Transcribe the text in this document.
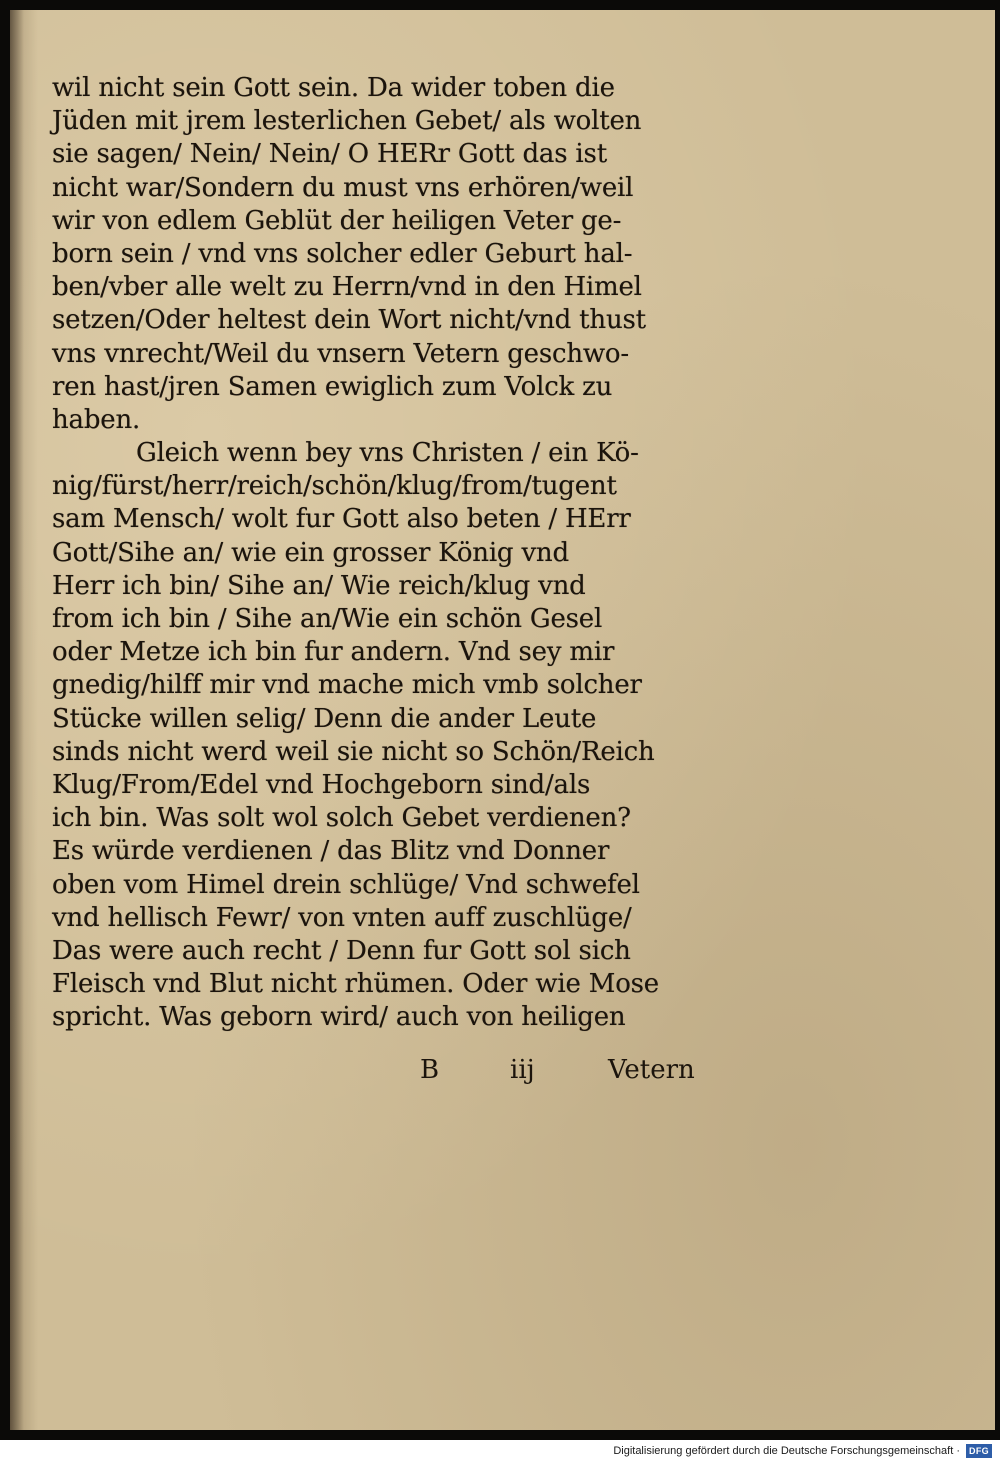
wil nicht sein Gott sein. Da wider toben die
Jüden mit jrem lesterlichen Gebet/ als wolten
sie sagen/ Nein/ Nein/ O HERr Gott das ist
nicht war/Sondern du must vns erhören/weil
wir von edlem Geblüt der heiligen Veter ge-
born sein / vnd vns solcher edler Geburt hal-
ben/vber alle welt zu Herrn/vnd in den Himel
setzen/Oder heltest dein Wort nicht/vnd thust
vns vnrecht/Weil du vnsern Vetern geschwo-
ren hast/jren Samen ewiglich zum Volck zu
haben.
Gleich wenn bey vns Christen / ein Kö-
nig/fürst/herr/reich/schön/klug/from/tugent
sam Mensch/ wolt fur Gott also beten / HErr
Gott/Sihe an/ wie ein grosser König vnd
Herr ich bin/ Sihe an/ Wie reich/klug vnd
from ich bin / Sihe an/Wie ein schön Gesel
oder Metze ich bin fur andern. Vnd sey mir
gnedig/hilff mir vnd mache mich vmb solcher
Stücke willen selig/ Denn die ander Leute
sinds nicht werd weil sie nicht so Schön/Reich
Klug/From/Edel vnd Hochgeborn sind/als
ich bin. Was solt wol solch Gebet verdienen?
Es würde verdienen / das Blitz vnd Donner
oben vom Himel drein schlüge/ Vnd schwefel
vnd hellisch Fewr/ von vnten auff zuschlüge/
Das were auch recht / Denn fur Gott sol sich
Fleisch vnd Blut nicht rhümen. Oder wie Mose
spricht. Was geborn wird/ auch von heiligen
B	iij	Vetern
Digitalisierung gefördert durch die Deutsche Forschungsgemeinschaft ·	DFG
